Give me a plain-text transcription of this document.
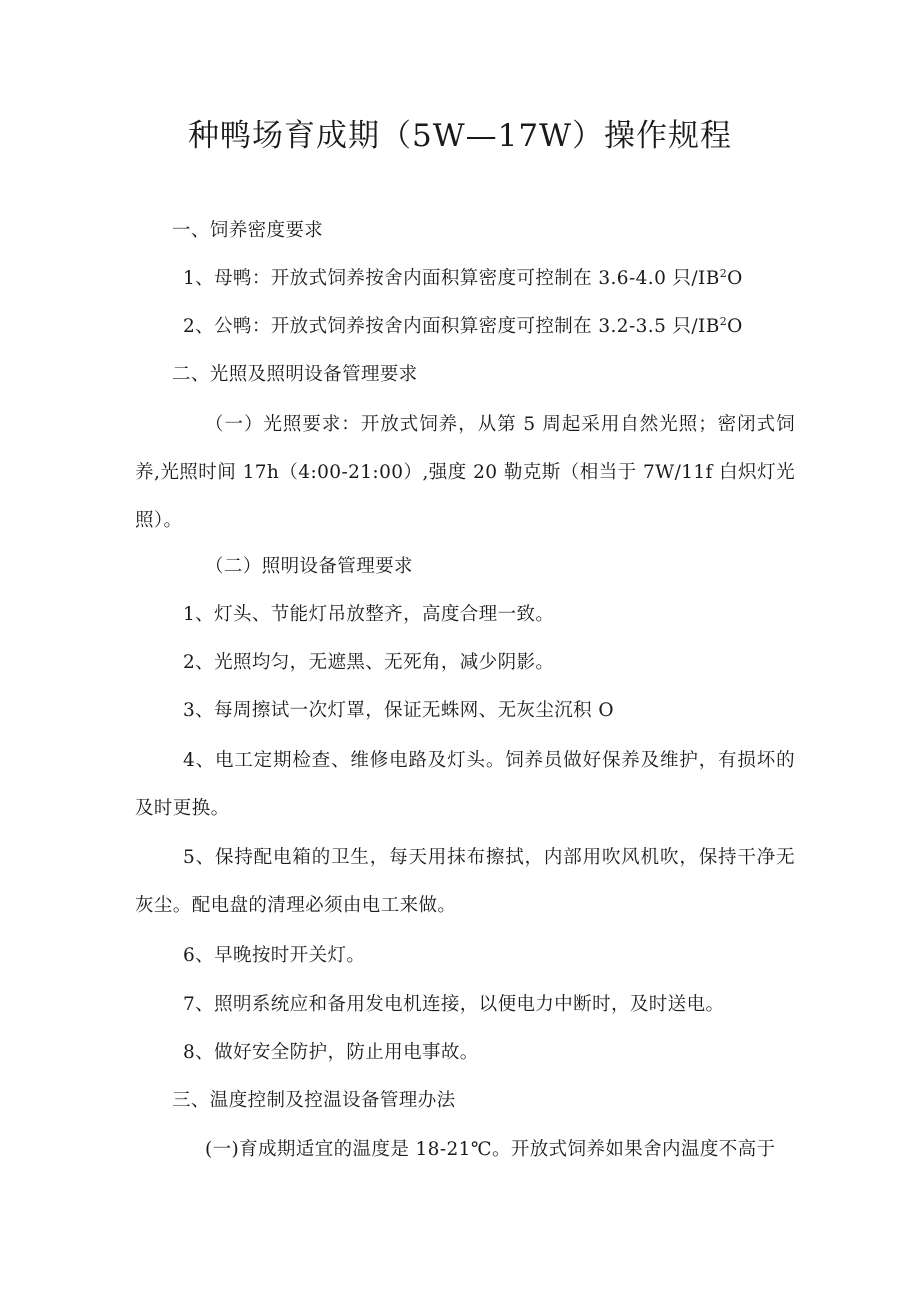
种鸭场育成期（5W—17W）操作规程
一、饲养密度要求
1、母鸭：开放式饲养按舍内面积算密度可控制在 3.6-4.0 只$/IB^2O$
2、公鸭：开放式饲养按舍内面积算密度可控制在 3.2-3.5 只$/IB^2O$
二、光照及照明设备管理要求
（一）光照要求：开放式饲养，从第 5 周起采用自然光照；密闭式饲养,光照时间 17h（4:00-21:00）,强度 20 勒克斯（相当于 7W/11f 白炽灯光照）。
（二）照明设备管理要求
1、灯头、节能灯吊放整齐，高度合理一致。
2、光照均匀，无遮黑、无死角，减少阴影。
3、每周擦试一次灯罩，保证无蛛网、无灰尘沉积 O
4、电工定期检查、维修电路及灯头。饲养员做好保养及维护，有损坏的及时更换。
5、保持配电箱的卫生，每天用抹布擦拭，内部用吹风机吹，保持干净无灰尘。配电盘的清理必须由电工来做。
6、早晚按时开关灯。
7、照明系统应和备用发电机连接，以便电力中断时，及时送电。
8、做好安全防护，防止用电事故。
三、温度控制及控温设备管理办法
(一)育成期适宜的温度是 18-21℃。开放式饲养如果舍内温度不高于
